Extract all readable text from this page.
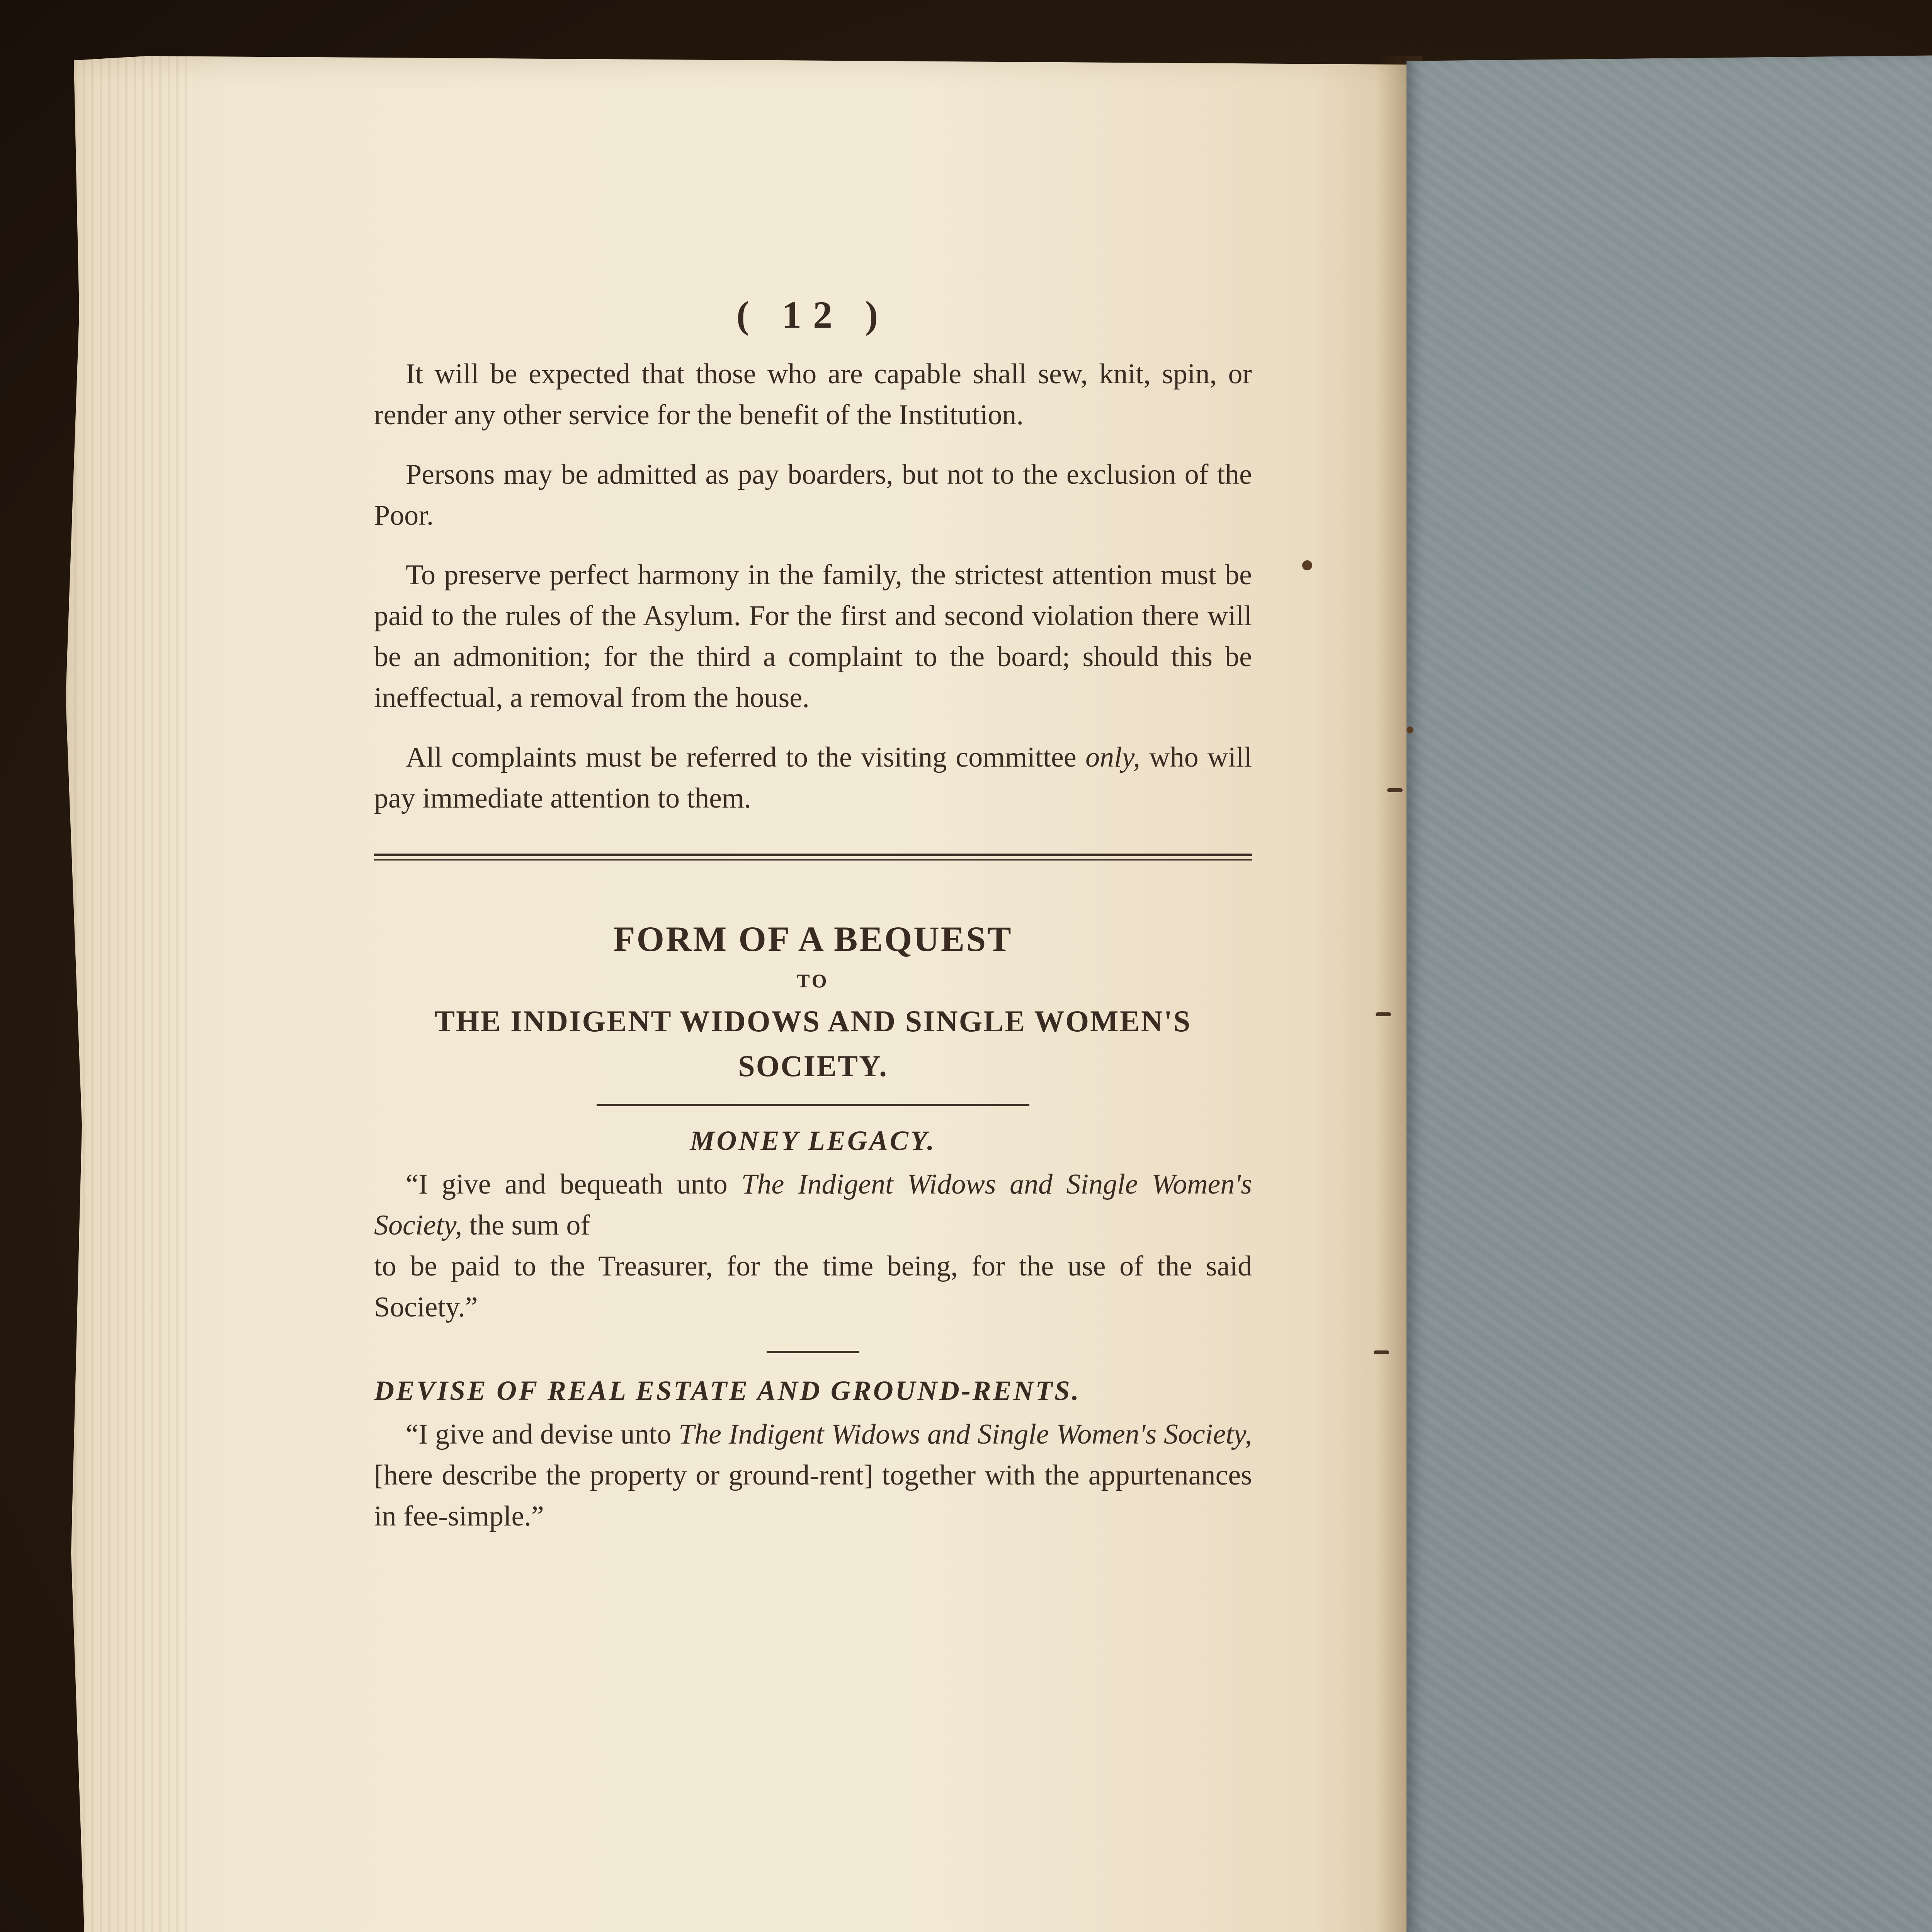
( 12 )

It will be expected that those who are capable shall sew, knit, spin, or render any other service for the benefit of the Institution.

Persons may be admitted as pay boarders, but not to the exclusion of the Poor.

To preserve perfect harmony in the family, the strictest attention must be paid to the rules of the Asylum. For the first and second violation there will be an admonition; for the third a complaint to the board; should this be ineffectual, a removal from the house.

All complaints must be referred to the visiting committee only, who will pay immediate attention to them.

FORM OF A BEQUEST
TO
THE INDIGENT WIDOWS AND SINGLE WOMEN'S SOCIETY.
MONEY LEGACY.

“I give and bequeath unto The Indigent Widows and Single Women's Society, the sum of
to be paid to the Treasurer, for the time being, for the use of the said Society.”

DEVISE OF REAL ESTATE AND GROUND-RENTS.

“I give and devise unto The Indigent Widows and Single Women's Society, [here describe the property or ground-rent] together with the appurtenances in fee-simple.”
